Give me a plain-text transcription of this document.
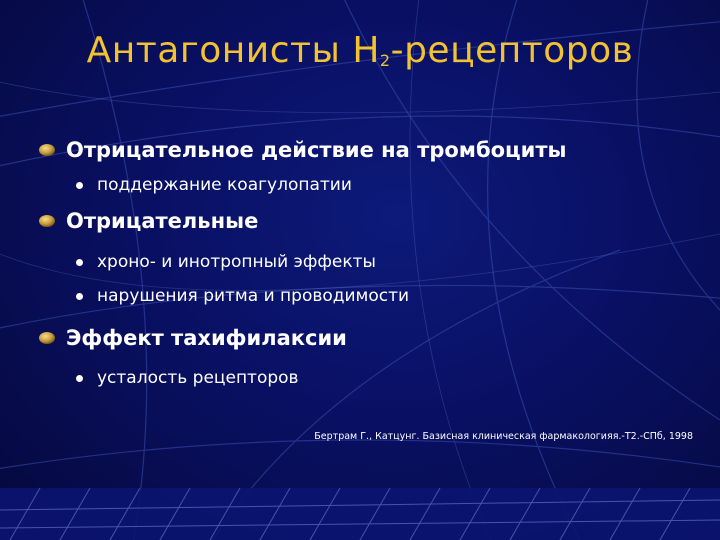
Антагонисты $H_2$-рецепторов
Отрицательное действие на тромбоциты
поддержание коагулопатии
Отрицательные
хроно- и инотропный эффекты
нарушения ритма и проводимости
Эффект тахифилаксии
усталость рецепторов
Бертрам Г., Катцунг. Базисная клиническая фармакологияя.-Т2.-СПб, 1998
